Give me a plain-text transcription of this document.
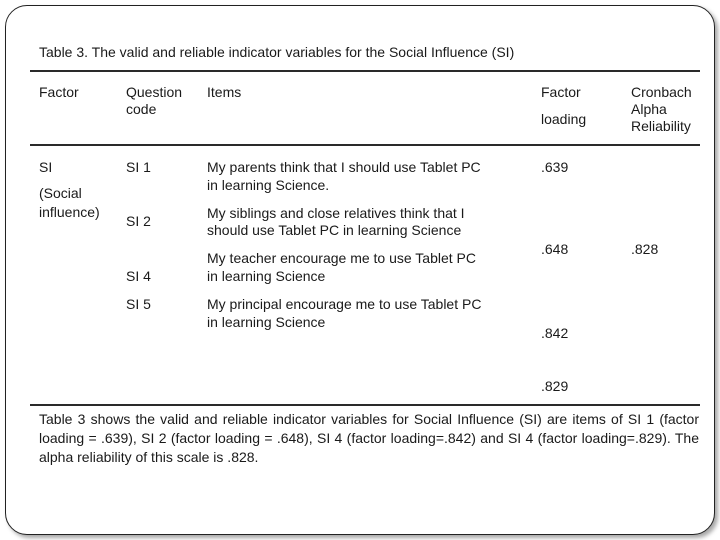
Table 3. The valid and reliable indicator variables for the Social Influence (SI)
Factor	Question
code
Items	Factor
loading
Cronbach
Alpha
Reliability
SI
(Social
influence)
SI 1
SI 2
SI 4
SI 5
My parents think that I should use Tablet PC
in learning Science.
My siblings and close relatives think that I
should use Tablet PC in learning Science
My teacher encourage me to use Tablet PC
in learning Science
My principal encourage me to use Tablet PC
in learning Science
.639
.648
.842
.829
.828
Table 3 shows the valid and reliable indicator variables for Social Influence (SI) are items of SI 1 (factor loading = .639), SI 2 (factor loading = .648), SI 4 (factor loading=.842) and SI 4 (factor loading=.829). The alpha reliability of this scale is .828.
